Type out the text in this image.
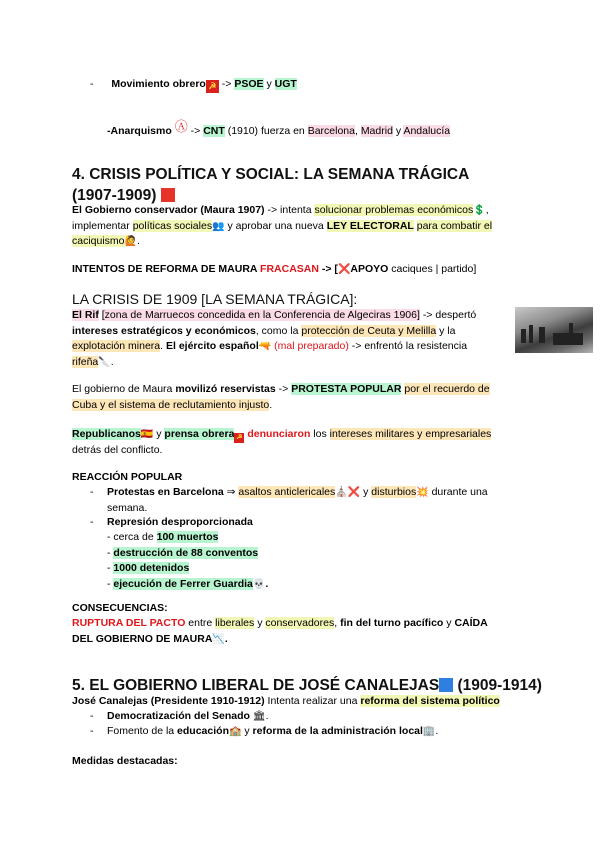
- Movimiento obrero ☭ -> PSOE y UGT
-Anarquismo Ⓐ -> CNT (1910) fuerza en Barcelona, Madrid y Andalucía
4. CRISIS POLÍTICA Y SOCIAL: LA SEMANA TRÁGICA
(1907-1909)
El Gobierno conservador (Maura 1907) -> intenta solucionar problemas económicos💲,
implementar políticas sociales👥 y aprobar una nueva LEY ELECTORAL para combatir el
caciquismo🙋.
INTENTOS DE REFORMA DE MAURA FRACASAN -> [❌APOYO caciques | partido]
LA CRISIS DE 1909 [LA SEMANA TRÁGICA]:
El Rif [zona de Marruecos concedida en la Conferencia de Algeciras 1906] -> despertó
intereses estratégicos y económicos, como la protección de Ceuta y Melilla y la
explotación minera. El ejército español🔫 (mal preparado) -> enfrentó la resistencia
rifeña🔪.
El gobierno de Maura movilizó reservistas -> PROTESTA POPULAR por el recuerdo de
Cuba y el sistema de reclutamiento injusto.
Republicanos🇪🇸 y prensa obrera ☭ denunciaron los intereses militares y empresariales
detrás del conflicto.
REACCIÓN POPULAR
- Protestas en Barcelona ⇒ asaltos anticlericales⛪❌ y disturbios💥 durante una
semana.
- Represión desproporcionada
- cerca de 100 muertos
- destrucción de 88 conventos
- 1000 detenidos
- ejecución de Ferrer Guardia💀.
CONSECUENCIAS:
RUPTURA DEL PACTO entre liberales y conservadores, fin del turno pacífico y CAÍDA
DEL GOBIERNO DE MAURA📉.
5. EL GOBIERNO LIBERAL DE JOSÉ CANALEJAS (1909-1914)
José Canalejas (Presidente 1910-1912) Intenta realizar una reforma del sistema político
- Democratización del Senado 🏛.
- Fomento de la educación🏫 y reforma de la administración local🏢.
Medidas destacadas:
